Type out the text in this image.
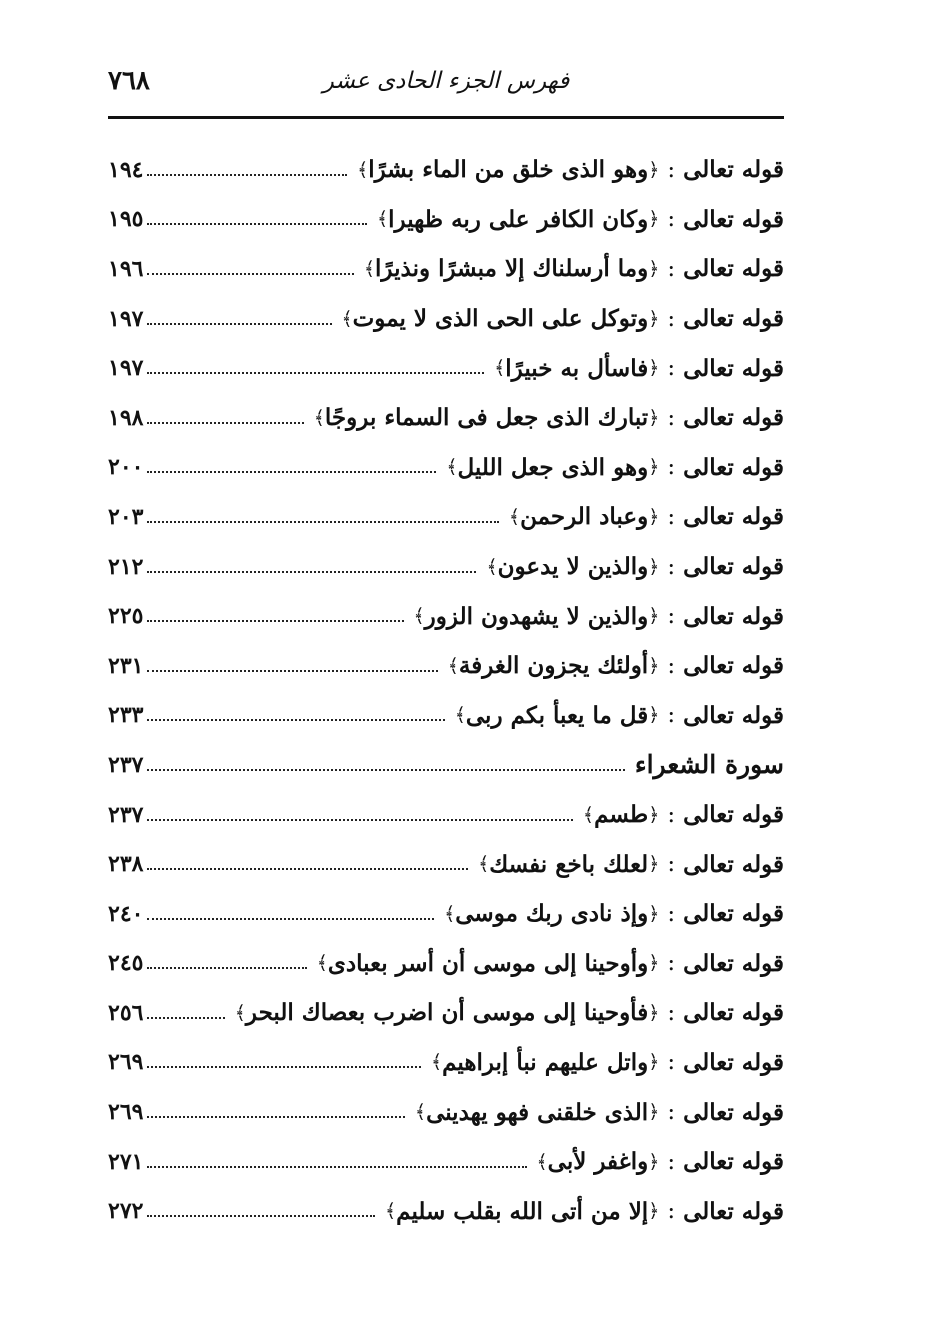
٧٦٨	فهرس الجزء الحادى عشر
قوله تعالى
:
﴿
وهو الذى خلق من الماء بشرًا
﴾
١٩٤
قوله تعالى
:
﴿
وكان الكافر على ربه ظهيرا
﴾
١٩٥
قوله تعالى
:
﴿
وما أرسلناك إلا مبشرًا ونذيرًا
﴾
١٩٦
قوله تعالى
:
﴿
وتوكل على الحى الذى لا يموت
﴾
١٩٧
قوله تعالى
:
﴿
فاسأل به خبيرًا
﴾
١٩٧
قوله تعالى
:
﴿
تبارك الذى جعل فى السماء بروجًا
﴾
١٩٨
قوله تعالى
:
﴿
وهو الذى جعل الليل
﴾
٢٠٠
قوله تعالى
:
﴿
وعباد الرحمن
﴾
٢٠٣
قوله تعالى
:
﴿
والذين لا يدعون
﴾
٢١٢
قوله تعالى
:
﴿
والذين لا يشهدون الزور
﴾
٢٢٥
قوله تعالى
:
﴿
أولئك يجزون الغرفة
﴾
٢٣١
قوله تعالى
:
﴿
قل ما يعبأ بكم ربى
﴾
٢٣٣
سورة الشعراء
٢٣٧
قوله تعالى
:
﴿
طسم
﴾
٢٣٧
قوله تعالى
:
﴿
لعلك باخع نفسك
﴾
٢٣٨
قوله تعالى
:
﴿
وإذ نادى ربك موسى
﴾
٢٤٠
قوله تعالى
:
﴿
وأوحينا إلى موسى أن أسر بعبادى
﴾
٢٤٥
قوله تعالى
:
﴿
فأوحينا إلى موسى أن اضرب بعصاك البحر
﴾
٢٥٦
قوله تعالى
:
﴿
واتل عليهم نبأ إبراهيم
﴾
٢٦٩
قوله تعالى
:
﴿
الذى خلقنى فهو يهدينى
﴾
٢٦٩
قوله تعالى
:
﴿
واغفر لأبى
﴾
٢٧١
قوله تعالى
:
﴿
إلا من أتى الله بقلب سليم
﴾
٢٧٢
